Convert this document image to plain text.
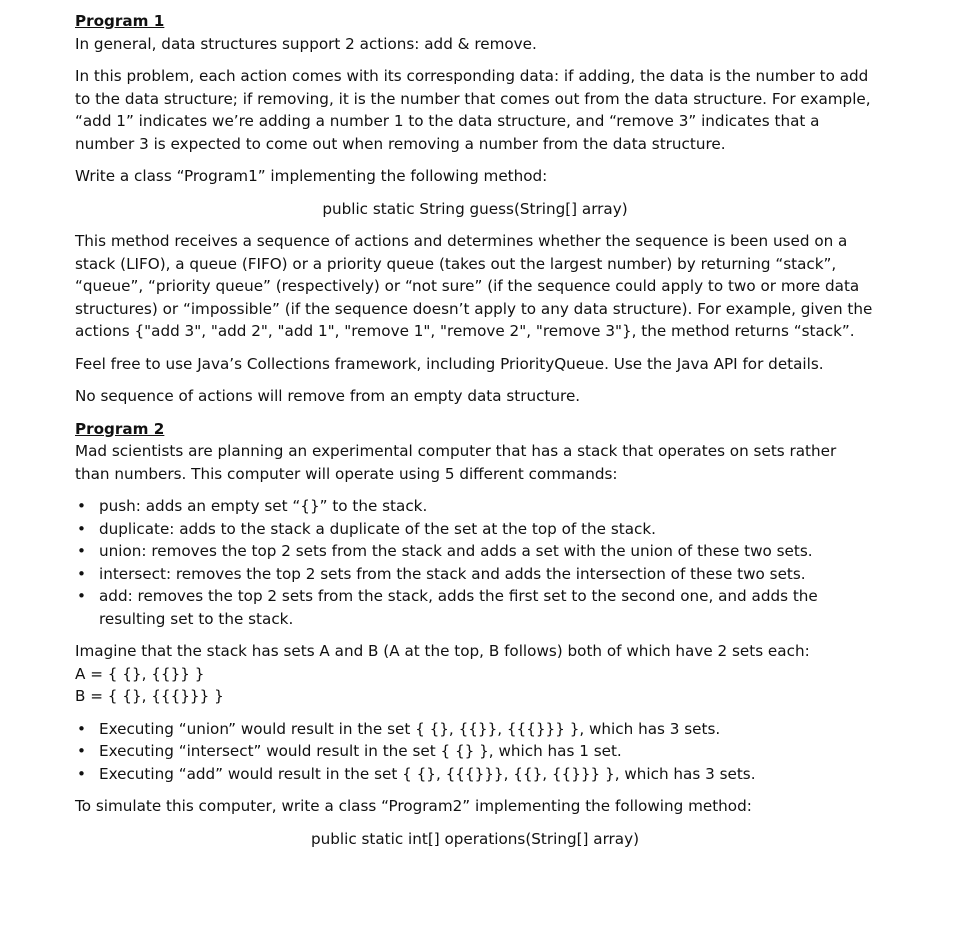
Program 1

In general, data structures support 2 actions: add & remove.

In this problem, each action comes with its corresponding data: if adding, the data is the number to add to the data structure; if removing, it is the number that comes out from the data structure. For example, “add 1” indicates we’re adding a number 1 to the data structure, and “remove 3” indicates that a number 3 is expected to come out when removing a number from the data structure.

Write a class “Program1” implementing the following method:

public static String guess(String[] array)

This method receives a sequence of actions and determines whether the sequence is been used on a stack (LIFO), a queue (FIFO) or a priority queue (takes out the largest number) by returning “stack”, “queue”, “priority queue” (respectively) or “not sure” (if the sequence could apply to two or more data structures) or “impossible” (if the sequence doesn’t apply to any data structure). For example, given the actions {"add 3", "add 2", "add 1", "remove 1", "remove 2", "remove 3"}, the method returns “stack”.

Feel free to use Java’s Collections framework, including PriorityQueue. Use the Java API for details.

No sequence of actions will remove from an empty data structure.

Program 2

Mad scientists are planning an experimental computer that has a stack that operates on sets rather than numbers. This computer will operate using 5 different commands:

• push: adds an empty set “{}” to the stack.
• duplicate: adds to the stack a duplicate of the set at the top of the stack.
• union: removes the top 2 sets from the stack and adds a set with the union of these two sets.
• intersect: removes the top 2 sets from the stack and adds the intersection of these two sets.
• add: removes the top 2 sets from the stack, adds the first set to the second one, and adds the resulting set to the stack.

Imagine that the stack has sets A and B (A at the top, B follows) both of which have 2 sets each:

A = { {}, {{}} }

B = { {}, {{{}}} }

• Executing “union” would result in the set { {}, {{}}, {{{}}} }, which has 3 sets.
• Executing “intersect” would result in the set { {} }, which has 1 set.
• Executing “add” would result in the set { {}, {{{}}}, {{}, {{}}} }, which has 3 sets.

To simulate this computer, write a class “Program2” implementing the following method:

public static int[] operations(String[] array)
